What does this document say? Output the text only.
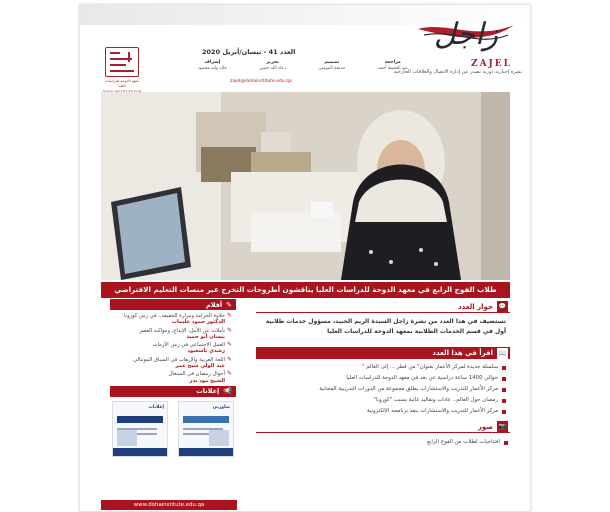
زاجل
ZAJEL
نشرة إخبارية دورية تصدر عن إدارة الاتصال والعلاقات الخارجية
العدد 41 - نيسان/أبريل 2020
إشراف
خالد وليد محمود
تحرير
دعاء الله حسن
تصميم
خديجة المومني
مراجعة
عبد الحفيظ أحمد
zajel@dohainstitute.edu.qa
معهد الدوحة للدراسات العليا
طلاب الفوج الرابع في معهد الدوحة للدراسات العليا يناقشون أطروحات التخرج عبر منصات التعليم الافتراضي
✎
أقلام
✎
حلاوة الحرامة ومرارة الحقيقة.. في زمن كورونا
الدكتور حمود عليمات
✎
تأملات عن الأمل، الإبداع، ومواكبة العصر
بيسان أبو حميد
✎
العمل الاجتماعي في زمن الأزمات
رشدي باسعيود
✎
اللغة العربية والإرهاب في السياق المونتالي
عبد الولي شيخ عمر
✎
أحوال رمضان في السنغال
الشيخ مود بدر
📢
إعلانات
إعلانات	شاورني
www.dohainstitute.edu.qa
💬
حوار العدد
تستضيف في هذا العدد من نشرة زاجل السيدة الريم الحبيد، مسؤول خدمات طلابية أول في قسم الخدمات الطلابية بمعهد الدوحة للدراسات العليا
📖
اقرأ في هذا العدد
سلسلة جديدة لمركز الأعمار بعنوان" من قطر ... إلى العالم "
حوالي 1400 ساعة دراسية عن بعد في معهد الدوحة للدراسات العليا
مركز الأعمار للتدريب والاستشارات يطلق مجموعة من الدورات التدريبية المجانية
رمضان حول العالم.. عادات وتقاليد غائبة بسبب "كورونا"
مركز الأعمار للتدريب والاستشارات ينفذ برنامجه الإلكترونية
📷
صور
افتتاحيات لطلاب من الفوج الرابع
